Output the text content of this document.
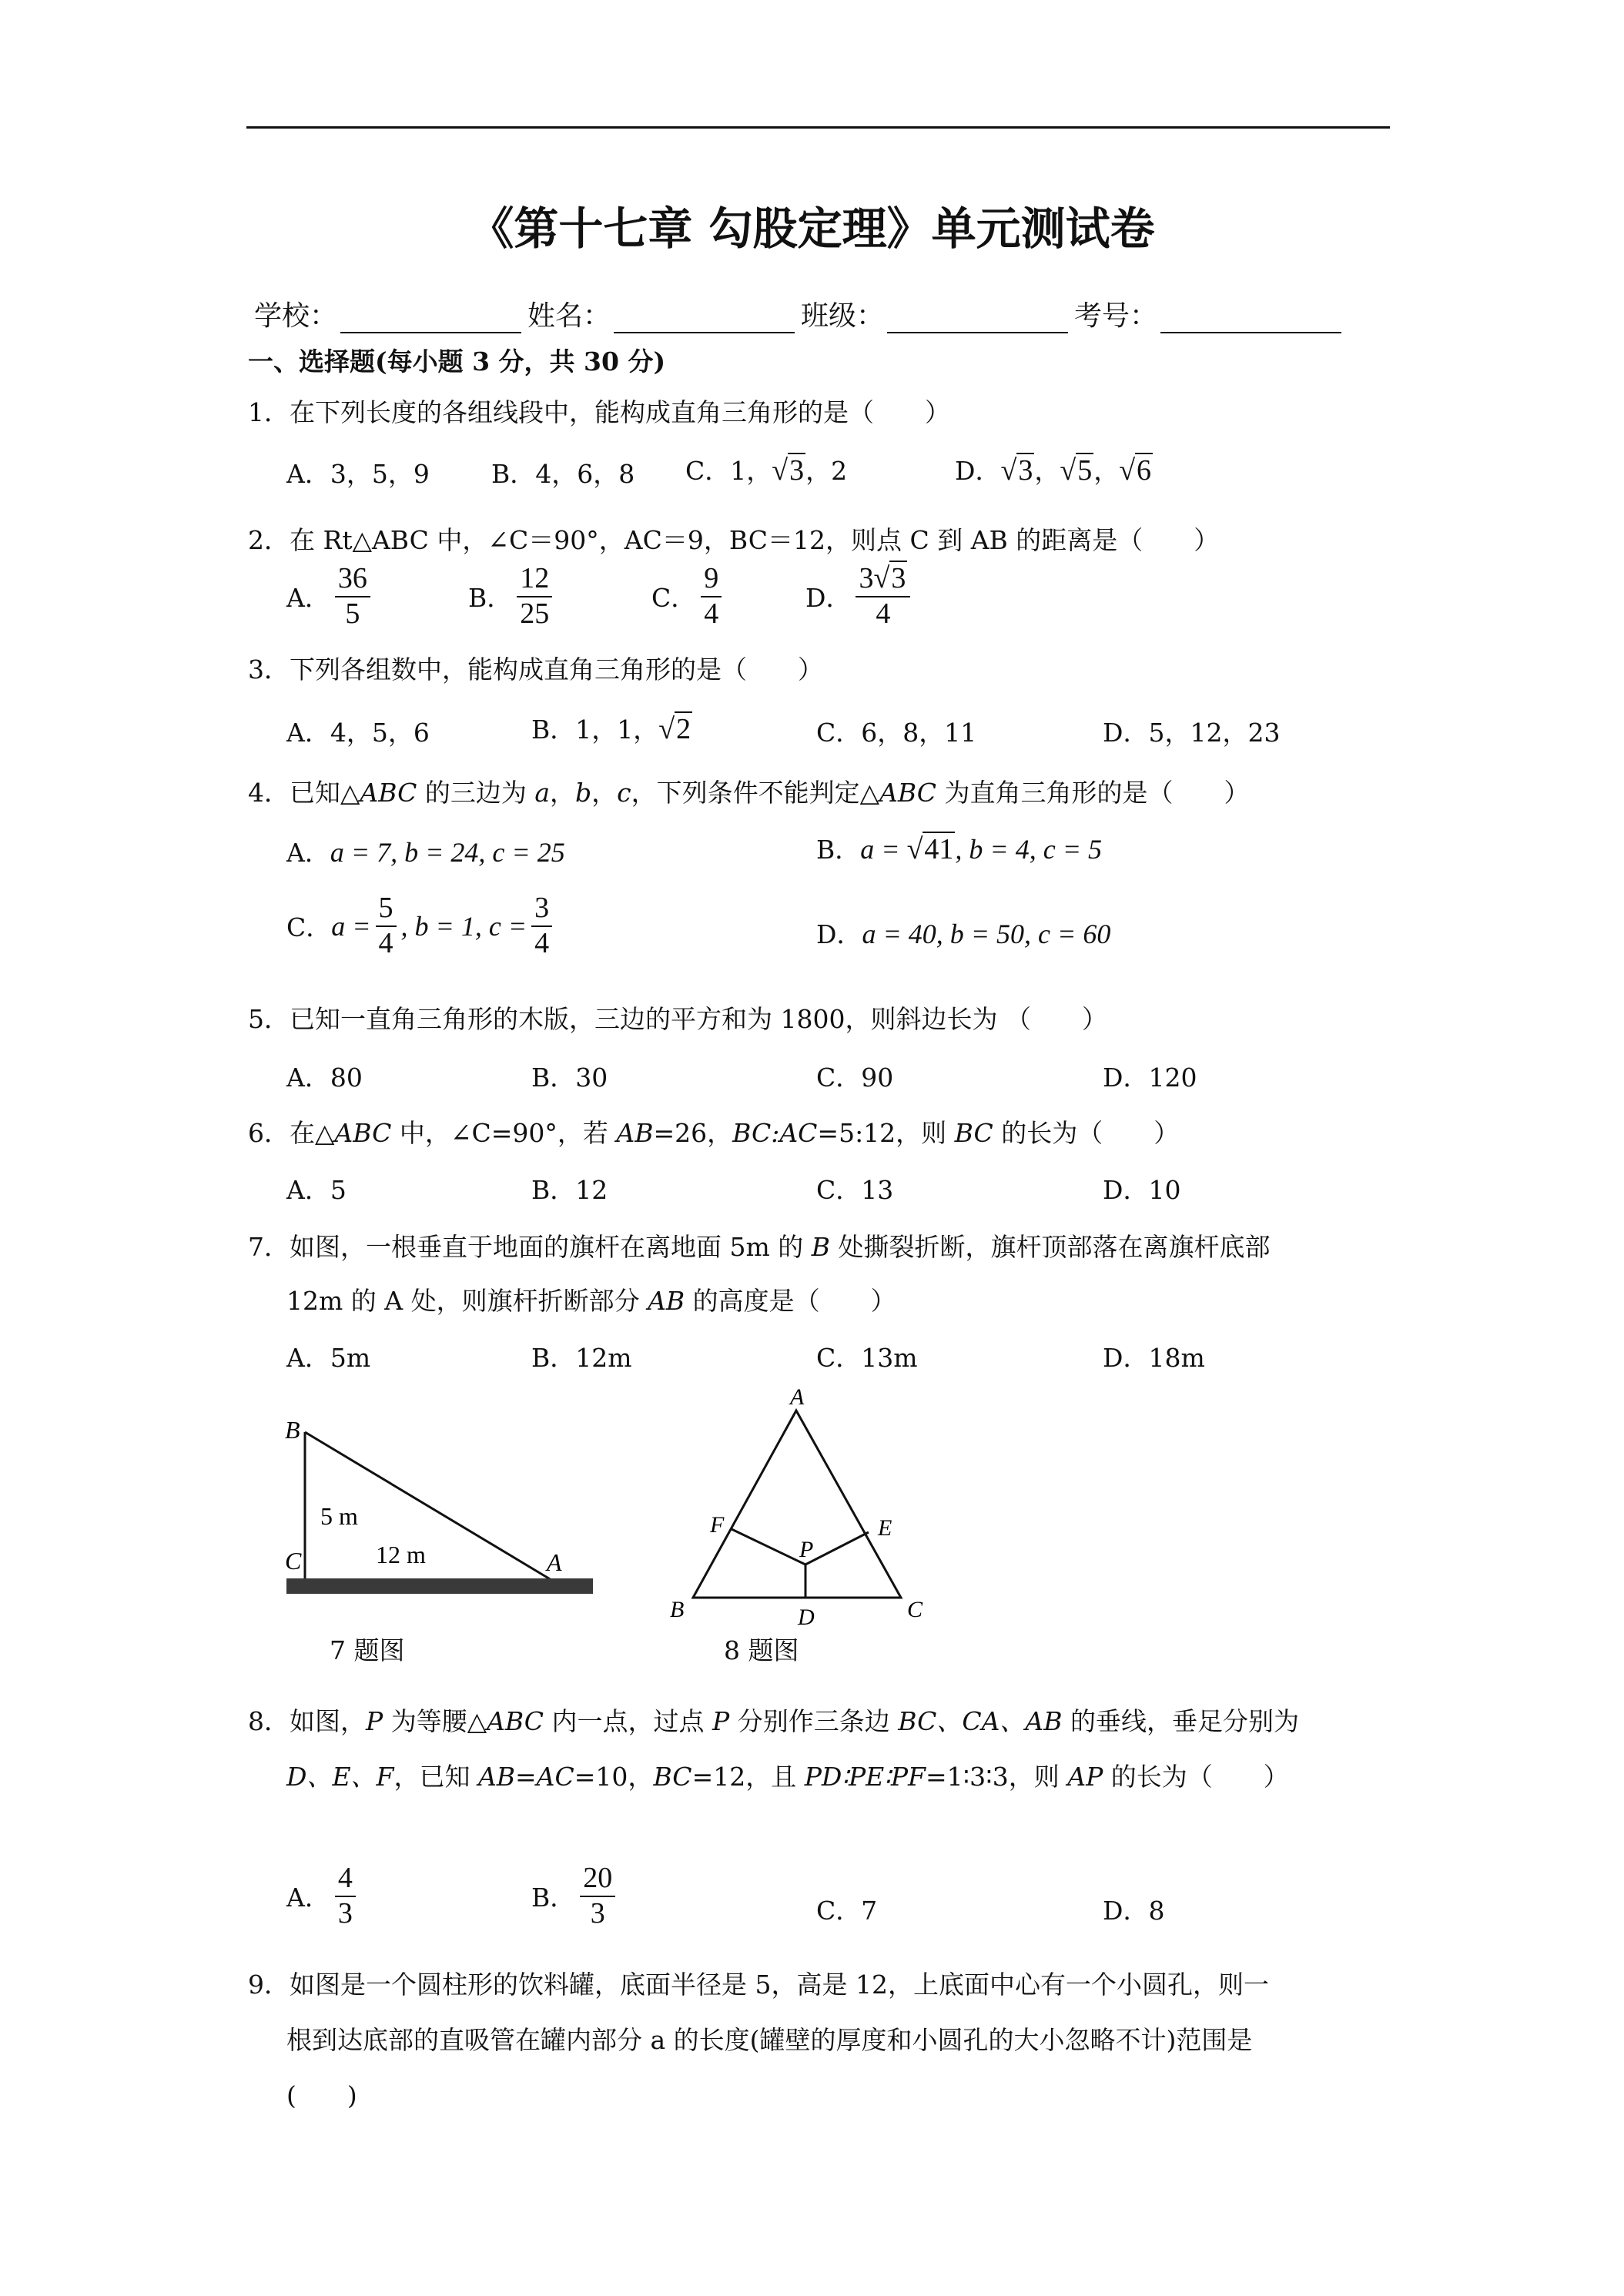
《第十七章 勾股定理》单元测试卷
学校：	姓名：	班级：	考号：
一、选择题(每小题 3 分，共 30 分)
1．在下列长度的各组线段中，能构成直角三角形的是（　　）
A．3，5，9 B．4，6，8 C．1，√3，2	D．√3，√5，√6
2．在 Rt△ABC 中，∠C＝90°，AC＝9，BC＝12，则点 C 到 AB 的距离是（　　）
A． $\frac{36}{5}$	B． $\frac{12}{25}$	C． $\frac{9}{4}$	D． $\frac{3√3}{4}$
3．下列各组数中，能构成直角三角形的是（　　）
A．4，5，6	B．1，1，√2	C．6，8，11	D．5，12，23
4．已知△ABC 的三边为 a，b，c，下列条件不能判定△ABC 为直角三角形的是（　　）
A．a = 7, b = 24, c = 25	B．a = √41, b = 4, c = 5
C． $a = \frac{5}{4}$ , b = 1, $c = \frac{3}{4}$	D．a = 40, b = 50, c = 60
5．已知一直角三角形的木版，三边的平方和为 1800，则斜边长为 （　　）
A．80	B．30	C．90	D．120
6．在△ABC 中，∠C=90°，若 AB=26，BC:AC=5:12，则 BC 的长为（　　）
A．5	B．12	C．13	D．10
7．如图，一根垂直于地面的旗杆在离地面 5m 的 B 处撕裂折断，旗杆顶部落在离旗杆底部
12m 的 A 处，则旗杆折断部分 AB 的高度是（　　）
A．5m	B．12m	C．13m	D．18m
B
C	A
5 m
12 m
7 题图
A
B	C
D
E
F
P
8 题图
8．如图，P 为等腰△ABC 内一点，过点 P 分别作三条边 BC、CA、AB 的垂线，垂足分别为
D、E、F，已知 AB=AC=10，BC=12，且 PD∶PE∶PF=1∶3∶3，则 AP 的长为（　　）
A． $\frac{4}{3}$	B． $\frac{20}{3}$	C．7	D．8
9．如图是一个圆柱形的饮料罐，底面半径是 5，高是 12，上底面中心有一个小圆孔，则一
根到达底部的直吸管在罐内部分 a 的长度(罐壁的厚度和小圆孔的大小忽略不计)范围是
(　　)
